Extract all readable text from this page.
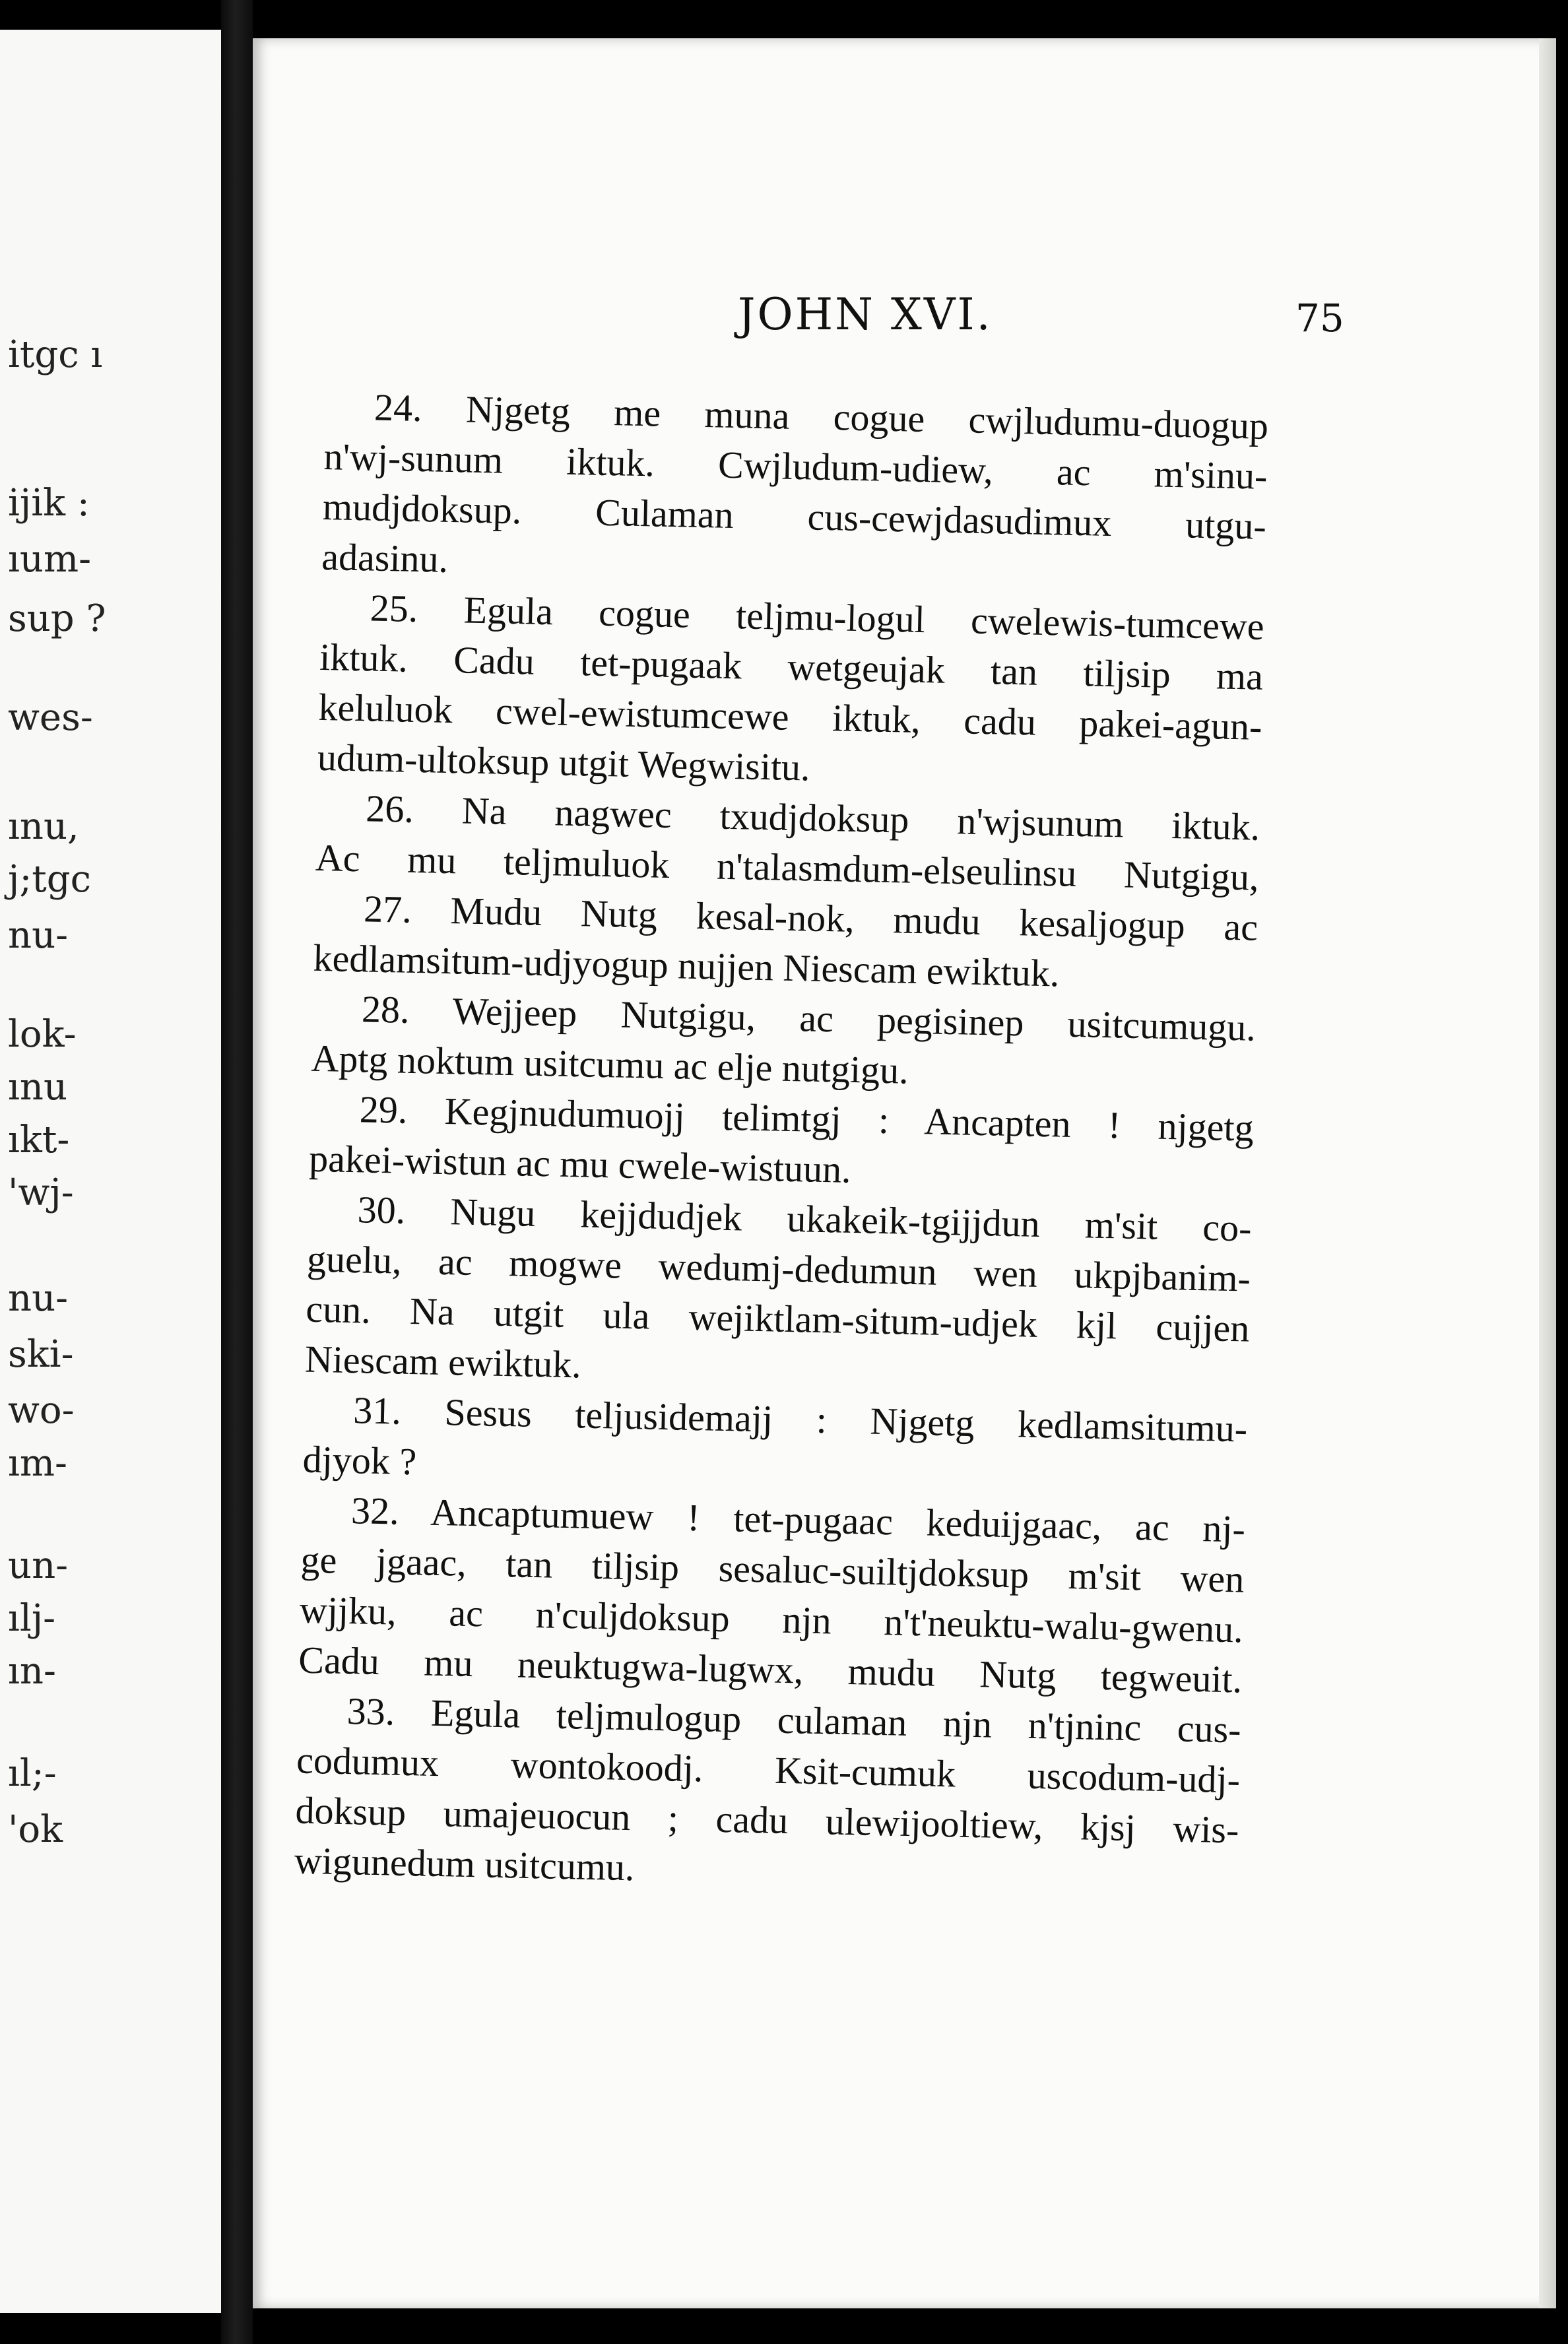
itgc ı
ijik :
ıum-
sup ?
wes-
ınu,
j;tgc
nu-
lok-
ınu
ıkt-
'wj-
nu-
ski-
wo-
ım-
un-
ılj-
ın-
ıl;-
'ok
JOHN XVI.	75
24. Njgetg me muna cogue cwjludumu-duogup
n'wj-sunum iktuk. Cwjludum-udiew, ac m'sinu-
mudjdoksup. Culaman cus-cewjdasudimux utgu-
adasinu.
25. Egula cogue teljmu-logul cwelewis-tumcewe
iktuk. Cadu tet-pugaak wetgeujak tan tiljsip ma
keluluok cwel-ewistumcewe iktuk, cadu pakei-agun-
udum-ultoksup utgit Wegwisitu.
26. Na nagwec txudjdoksup n'wjsunum iktuk.
Ac mu teljmuluok n'talasmdum-elseulinsu Nutgigu,
27. Mudu Nutg kesal-nok, mudu kesaljogup ac
kedlamsitum-udjyogup nujjen Niescam ewiktuk.
28. Wejjeep Nutgigu, ac pegisinep usitcumugu.
Aptg noktum usitcumu ac elje nutgigu.
29. Kegjnudumuojj telimtgj : Ancapten ! njgetg
pakei-wistun ac mu cwele-wistuun.
30. Nugu kejjdudjek ukakeik-tgijjdun m'sit co-
guelu, ac mogwe wedumj-dedumun wen ukpjbanim-
cun. Na utgit ula wejiktlam-situm-udjek kjl cujjen
Niescam ewiktuk.
31. Sesus teljusidemajj : Njgetg kedlamsitumu-
djyok ?
32. Ancaptumuew ! tet-pugaac keduijgaac, ac nj-
ge jgaac, tan tiljsip sesaluc-suiltjdoksup m'sit wen
wjjku, ac n'culjdoksup njn n't'neuktu-walu-gwenu.
Cadu mu neuktugwa-lugwx, mudu Nutg tegweuit.
33. Egula teljmulogup culaman njn n'tjninc cus-
codumux wontokoodj. Ksit-cumuk uscodum-udj-
doksup umajeuocun ; cadu ulewijooltiew, kjsj wis-
wigunedum usitcumu.
